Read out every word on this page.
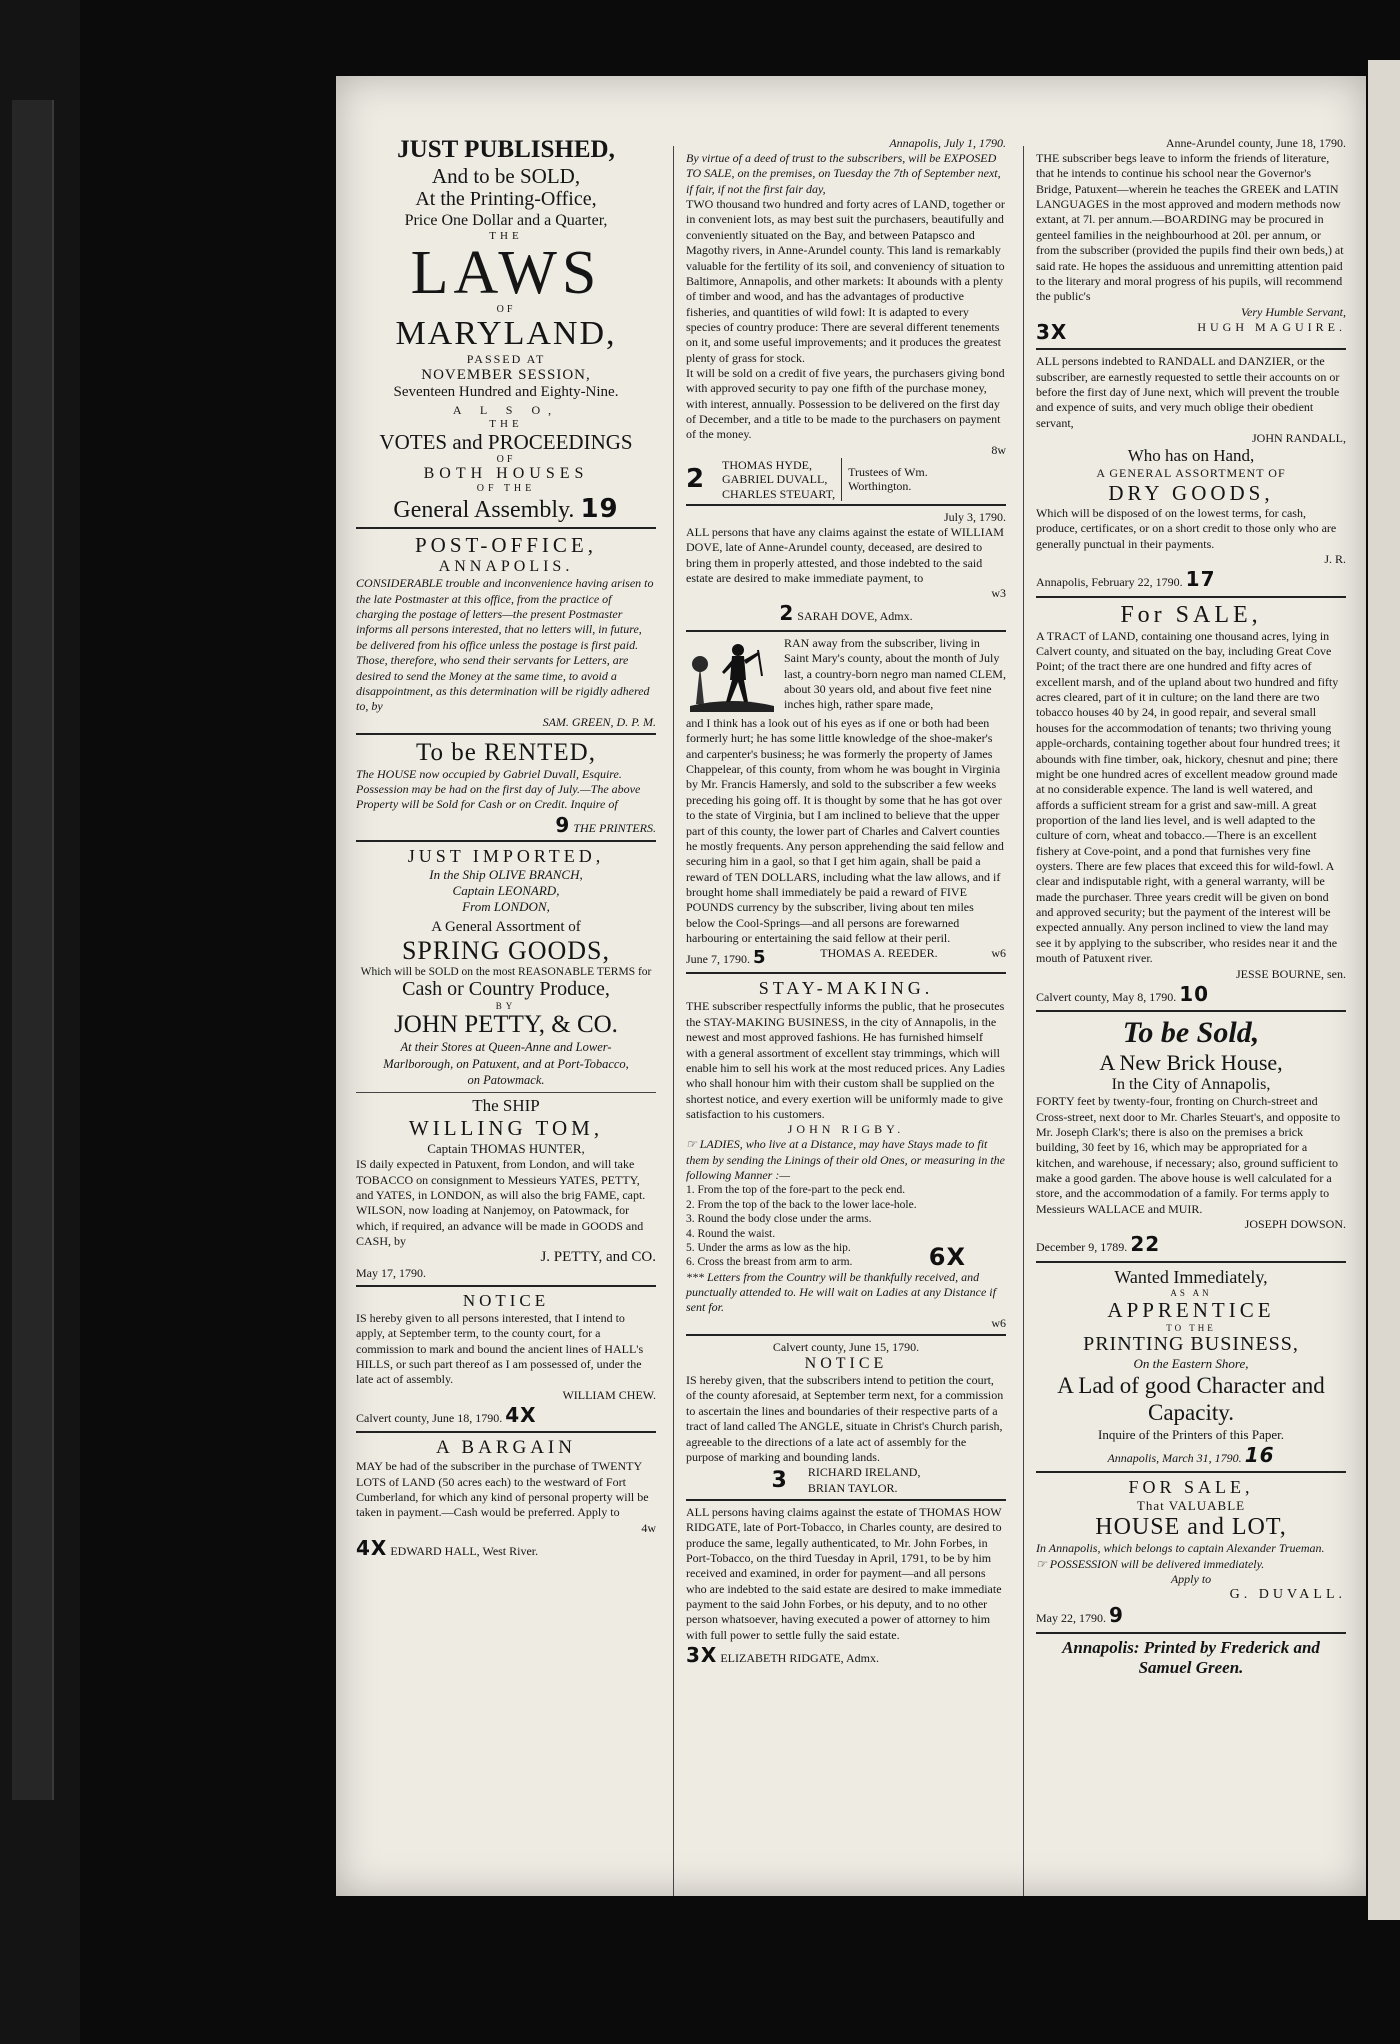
JUST PUBLISHED,
And to be SOLD,
At the Printing-Office,
Price One Dollar and a Quarter,
THE
LAWS
OF
MARYLAND,
PASSED AT
NOVEMBER SESSION,
Seventeen Hundred and Eighty-Nine.
A L S O,
THE
VOTES and PROCEEDINGS
OF
BOTH HOUSES
OF THE
General Assembly. 19
POST-OFFICE,
ANNAPOLIS.

CONSIDERABLE trouble and inconvenience having arisen to the late Postmaster at this office, from the practice of charging the postage of letters—the present Postmaster informs all persons interested, that no letters will, in future, be delivered from his office unless the postage is first paid. Those, therefore, who send their servants for Letters, are desired to send the Money at the same time, to avoid a disappointment, as this determination will be rigidly adhered to, by

SAM. GREEN, D. P. M.
To be RENTED,

The HOUSE now occupied by Gabriel Duvall, Esquire. Possession may be had on the first day of July.—The above Property will be Sold for Cash or on Credit. Inquire of

9 THE PRINTERS.
JUST IMPORTED,
In the Ship OLIVE BRANCH,
Captain LEONARD,
From LONDON,
A General Assortment of
SPRING GOODS,
Which will be SOLD on the most REASONABLE TERMS for
Cash or Country Produce,
BY
JOHN PETTY, & CO.
At their Stores at Queen-Anne and Lower-Marlborough, on Patuxent, and at Port-Tobacco, on Patowmack.
The SHIP
WILLING TOM,
Captain THOMAS HUNTER,

IS daily expected in Patuxent, from London, and will take TOBACCO on consignment to Messieurs YATES, PETTY, and YATES, in LONDON, as will also the brig FAME, capt. WILSON, now loading at Nanjemoy, on Patowmack, for which, if required, an advance will be made in GOODS and CASH, by

J. PETTY, and CO.
May 17, 1790.
NOTICE

IS hereby given to all persons interested, that I intend to apply, at September term, to the county court, for a commission to mark and bound the ancient lines of HALL's HILLS, or such part thereof as I am possessed of, under the late act of assembly.

WILLIAM CHEW.
Calvert county, June 18, 1790. 4X
A BARGAIN

MAY be had of the subscriber in the purchase of TWENTY LOTS of LAND (50 acres each) to the westward of Fort Cumberland, for which any kind of personal property will be taken in payment.—Cash would be preferred. Apply to

4w
4X EDWARD HALL, West River.
Annapolis, July 1, 1790.

By virtue of a deed of trust to the subscribers, will be EXPOSED TO SALE, on the premises, on Tuesday the 7th of September next, if fair, if not the first fair day,

TWO thousand two hundred and forty acres of LAND, together or in convenient lots, as may best suit the purchasers, beautifully and conveniently situated on the Bay, and between Patapsco and Magothy rivers, in Anne-Arundel county. This land is remarkably valuable for the fertility of its soil, and conveniency of situation to Baltimore, Annapolis, and other markets: It abounds with a plenty of timber and wood, and has the advantages of productive fisheries, and quantities of wild fowl: It is adapted to every species of country produce: There are several different tenements on it, and some useful improvements; and it produces the greatest plenty of grass for stock.

It will be sold on a credit of five years, the purchasers giving bond with approved security to pay one fifth of the purchase money, with interest, annually. Possession to be delivered on the first day of December, and a title to be made to the purchasers on payment of the money.

8w
2	THOMAS HYDE,
GABRIEL DUVALL,
CHARLES STEUART,
Trustees of Wm. Worthington.
July 3, 1790.

ALL persons that have any claims against the estate of WILLIAM DOVE, late of Anne-Arundel county, deceased, are desired to bring them in properly attested, and those indebted to the said estate are desired to make immediate payment, to

w3
2 SARAH DOVE, Admx.

RAN away from the subscriber, living in Saint Mary's county, about the month of July last, a country-born negro man named CLEM, about 30 years old, and about five feet nine inches high, rather spare made,

and I think has a look out of his eyes as if one or both had been formerly hurt; he has some little knowledge of the shoe-maker's and carpenter's business; he was formerly the property of James Chappelear, of this county, from whom he was bought in Virginia by Mr. Francis Hamersly, and sold to the subscriber a few weeks preceding his going off. It is thought by some that he has got over to the state of Virginia, but I am inclined to believe that the upper part of this county, the lower part of Charles and Calvert counties he mostly frequents. Any person apprehending the said fellow and securing him in a gaol, so that I get him again, shall be paid a reward of TEN DOLLARS, including what the law allows, and if brought home shall immediately be paid a reward of FIVE POUNDS currency by the subscriber, living about ten miles below the Cool-Springs—and all persons are forewarned harbouring or entertaining the said fellow at their peril.

June 7, 1790. 5	THOMAS A. REEDER.	w6
STAY-MAKING.

THE subscriber respectfully informs the public, that he prosecutes the STAY-MAKING BUSINESS, in the city of Annapolis, in the newest and most approved fashions. He has furnished himself with a general assortment of excellent stay trimmings, which will enable him to sell his work at the most reduced prices. Any Ladies who shall honour him with their custom shall be supplied on the shortest notice, and every exertion will be uniformly made to give satisfaction to his customers.

JOHN RIGBY.

☞ LADIES, who live at a Distance, may have Stays made to fit them by sending the Linings of their old Ones, or measuring in the following Manner :—

1. From the top of the fore-part to the peck end.
2. From the top of the back to the lower lace-hole.
3. Round the body close under the arms.
4. Round the waist.
5. Under the arms as low as the hip.
6. Cross the breast from arm to arm.	6X

*** Letters from the Country will be thankfully received, and punctually attended to. He will wait on Ladies at any Distance if sent for.

w6
Calvert county, June 15, 1790.
NOTICE

IS hereby given, that the subscribers intend to petition the court, of the county aforesaid, at September term next, for a commission to ascertain the lines and boundaries of their respective parts of a tract of land called The ANGLE, situate in Christ's Church parish, agreeable to the directions of a late act of assembly for the purpose of marking and bounding lands.

3 RICHARD IRELAND,
BRIAN TAYLOR.

ALL persons having claims against the estate of THOMAS HOW RIDGATE, late of Port-Tobacco, in Charles county, are desired to produce the same, legally authenticated, to Mr. John Forbes, in Port-Tobacco, on the third Tuesday in April, 1791, to be by him received and examined, in order for payment—and all persons who are indebted to the said estate are desired to make immediate payment to the said John Forbes, or his deputy, and to no other person whatsoever, having executed a power of attorney to him with full power to settle fully the said estate.

3X ELIZABETH RIDGATE, Admx.
Anne-Arundel county, June 18, 1790.

THE subscriber begs leave to inform the friends of literature, that he intends to continue his school near the Governor's Bridge, Patuxent—wherein he teaches the GREEK and LATIN LANGUAGES in the most approved and modern methods now extant, at 7l. per annum.—BOARDING may be procured in genteel families in the neighbourhood at 20l. per annum, or from the subscriber (provided the pupils find their own beds,) at said rate. He hopes the assiduous and unremitting attention paid to the literary and moral progress of his pupils, will recommend the public's

Very Humble Servant,
3X	HUGH MAGUIRE.

ALL persons indebted to RANDALL and DANZIER, or the subscriber, are earnestly requested to settle their accounts on or before the first day of June next, which will prevent the trouble and expence of suits, and very much oblige their obedient servant,

JOHN RANDALL,
Who has on Hand,
A GENERAL ASSORTMENT OF
DRY GOODS,

Which will be disposed of on the lowest terms, for cash, produce, certificates, or on a short credit to those only who are generally punctual in their payments.

J. R.
Annapolis, February 22, 1790. 17
For SALE,

A TRACT of LAND, containing one thousand acres, lying in Calvert county, and situated on the bay, including Great Cove Point; of the tract there are one hundred and fifty acres of excellent marsh, and of the upland about two hundred and fifty acres cleared, part of it in culture; on the land there are two tobacco houses 40 by 24, in good repair, and several small houses for the accommodation of tenants; two thriving young apple-orchards, containing together about four hundred trees; it abounds with fine timber, oak, hickory, chesnut and pine; there might be one hundred acres of excellent meadow ground made at no considerable expence. The land is well watered, and affords a sufficient stream for a grist and saw-mill. A great proportion of the land lies level, and is well adapted to the culture of corn, wheat and tobacco.—There is an excellent fishery at Cove-point, and a pond that furnishes very fine oysters. There are few places that exceed this for wild-fowl. A clear and indisputable right, with a general warranty, will be made the purchaser. Three years credit will be given on bond and approved security; but the payment of the interest will be expected annually. Any person inclined to view the land may see it by applying to the subscriber, who resides near it and the mouth of Patuxent river.

JESSE BOURNE, sen.
Calvert county, May 8, 1790. 10
To be Sold,
A New Brick House,
In the City of Annapolis,

FORTY feet by twenty-four, fronting on Church-street and Cross-street, next door to Mr. Charles Steuart's, and opposite to Mr. Joseph Clark's; there is also on the premises a brick building, 30 feet by 16, which may be appropriated for a kitchen, and warehouse, if necessary; also, ground sufficient to make a good garden. The above house is well calculated for a store, and the accommodation of a family. For terms apply to Messieurs WALLACE and MUIR.

JOSEPH DOWSON.
December 9, 1789. 22
Wanted Immediately,
AS AN
APPRENTICE
TO THE
PRINTING BUSINESS,
On the Eastern Shore,
A Lad of good Character and Capacity.
Inquire of the Printers of this Paper.
Annapolis, March 31, 1790. 16
FOR SALE,
That VALUABLE
HOUSE and LOT,

In Annapolis, which belongs to captain Alexander Trueman.

☞ POSSESSION will be delivered immediately.

Apply to
G. DUVALL.
May 22, 1790. 9
Annapolis: Printed by Frederick and Samuel Green.
